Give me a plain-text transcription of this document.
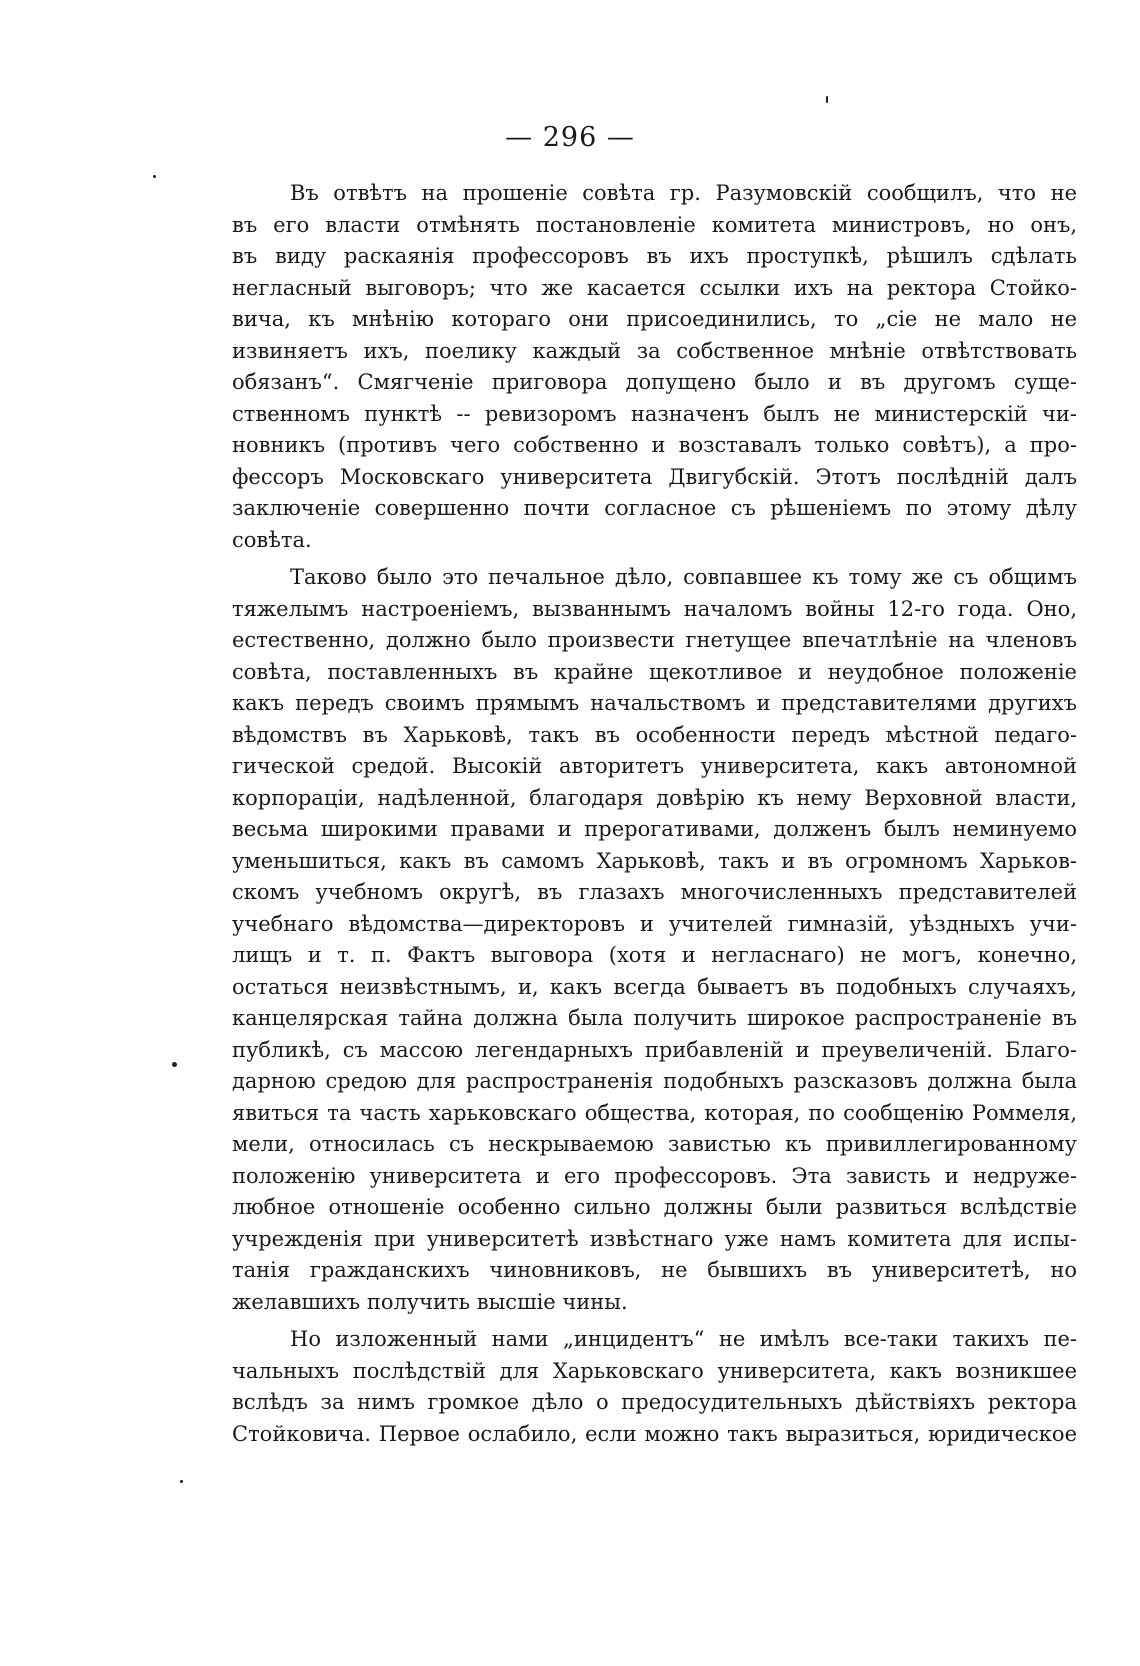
— 296 —
Въ отвѣтъ на прошеніе совѣта гр. Разумовскій сообщилъ, что не
въ его власти отмѣнять постановленіе комитета министровъ, но онъ,
въ виду раскаянія профессоровъ въ ихъ проступкѣ, рѣшилъ сдѣлать
негласный выговоръ; что же касается ссылки ихъ на ректора Стойко-
вича, къ мнѣнію котораго они присоединились, то „сіе не мало не
извиняетъ ихъ, поелику каждый за собственное мнѣніе отвѣтствовать
обязанъ“. Смягченіе приговора допущено было и въ другомъ суще-
ственномъ пунктѣ -- ревизоромъ назначенъ былъ не министерскій чи-
новникъ (противъ чего собственно и возставалъ только совѣтъ), а про-
фессоръ Московскаго университета Двигубскій. Этотъ послѣдній далъ
заключеніе совершенно почти согласное съ рѣшеніемъ по этому дѣлу
совѣта.
Таково было это печальное дѣло, совпавшее къ тому же съ общимъ
тяжелымъ настроеніемъ, вызваннымъ началомъ войны 12-го года. Оно,
естественно, должно было произвести гнетущее впечатлѣніе на членовъ
совѣта, поставленныхъ въ крайне щекотливое и неудобное положеніе
какъ передъ своимъ прямымъ начальствомъ и представителями другихъ
вѣдомствъ въ Харьковѣ, такъ въ особенности передъ мѣстной педаго-
гической средой. Высокій авторитетъ университета, какъ автономной
корпораціи, надѣленной, благодаря довѣрію къ нему Верховной власти,
весьма широкими правами и прерогативами, долженъ былъ неминуемо
уменьшиться, какъ въ самомъ Харьковѣ, такъ и въ огромномъ Харьков-
скомъ учебномъ округѣ, въ глазахъ многочисленныхъ представителей
учебнаго вѣдомства—директоровъ и учителей гимназій, уѣздныхъ учи-
лищъ и т. п. Фактъ выговора (хотя и негласнаго) не могъ, конечно,
остаться неизвѣстнымъ, и, какъ всегда бываетъ въ подобныхъ случаяхъ,
канцелярская тайна должна была получить широкое распространеніе въ
публикѣ, съ массою легендарныхъ прибавленій и преувеличеній. Благо-
дарною средою для распространенія подобныхъ разсказовъ должна была
явиться та часть харьковскаго общества, которая, по сообщенію Роммеля,
мели, относилась съ нескрываемою завистью къ привиллегированному
положенію университета и его профессоровъ. Эта зависть и недруже-
любное отношеніе особенно сильно должны были развиться вслѣдствіе
учрежденія при университетѣ извѣстнаго уже намъ комитета для испы-
танія гражданскихъ чиновниковъ, не бывшихъ въ университетѣ, но
желавшихъ получить высшіе чины.
Но изложенный нами „инцидентъ“ не имѣлъ все-таки такихъ пе-
чальныхъ послѣдствій для Харьковскаго университета, какъ возникшее
вслѣдъ за нимъ громкое дѣло о предосудительныхъ дѣйствіяхъ ректора
Стойковича. Первое ослабило, если можно такъ выразиться, юридическое
